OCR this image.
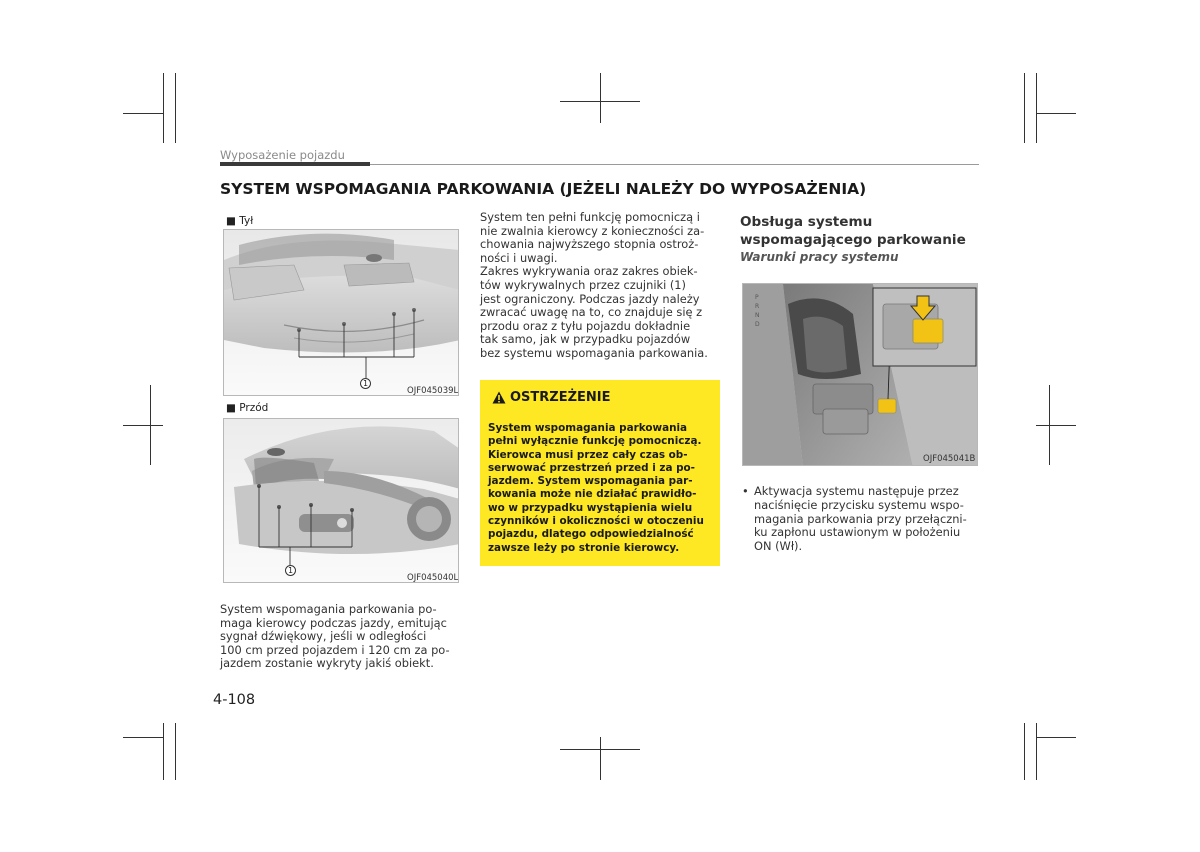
Wyposażenie pojazdu
SYSTEM WSPOMAGANIA PARKOWANIA (JEŻELI NALEŻY DO WYPOSAŻENIA)
■ Tył
■ Przód
1
OJF045039L
1
OJF045040L
System wspomagania parkowania po-
maga kierowcy podczas jazdy, emitując
sygnał dźwiękowy, jeśli w odległości
100 cm przed pojazdem i 120 cm za po-
jazdem zostanie wykryty jakiś obiekt.
System ten pełni funkcję pomocniczą i
nie zwalnia kierowcy z konieczności za-
chowania najwyższego stopnia ostroż-
ności i uwagi.
Zakres wykrywania oraz zakres obiek-
tów wykrywalnych przez czujniki (1)
jest ograniczony. Podczas jazdy należy
zwracać uwagę na to, co znajduje się z
przodu oraz z tyłu pojazdu dokładnie
tak samo, jak w przypadku pojazdów
bez systemu wspomagania parkowania.
OSTRZEŻENIE
System wspomagania parkowania
pełni wyłącznie funkcję pomocniczą.
Kierowca musi przez cały czas ob-
serwować przestrzeń przed i za po-
jazdem. System wspomagania par-
kowania może nie działać prawidło-
wo w przypadku wystąpienia wielu
czynników i okoliczności w otoczeniu
pojazdu, dlatego odpowiedzialność
zawsze leży po stronie kierowcy.
Obsługa systemu
wspomagającego parkowanie
Warunki pracy systemu
P
R
N
D
OJF045041B
• Aktywacja systemu następuje przez
naciśnięcie przycisku systemu wspo-
magania parkowania przy przełączni-
ku zapłonu ustawionym w położeniu
ON (Wł).
4-108
